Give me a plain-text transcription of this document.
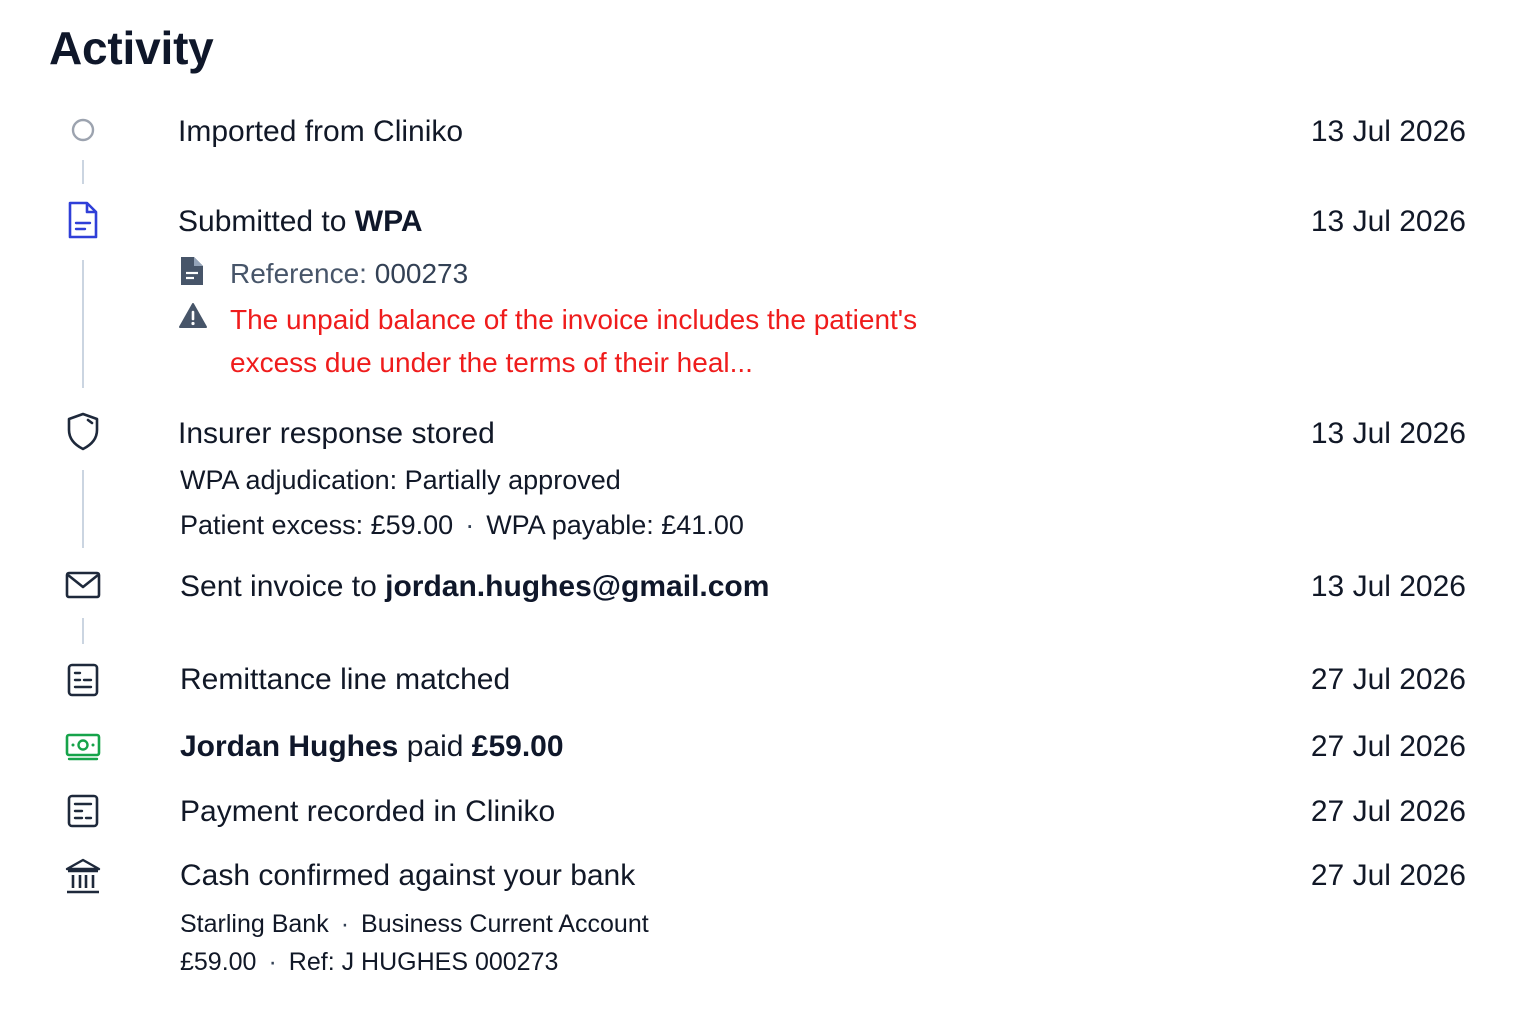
Activity
Imported from Cliniko	13 Jul 2026
Submitted to WPA	13 Jul 2026
Reference: 000273
The unpaid balance of the invoice includes the patient's excess due under the terms of their heal...
Insurer response stored	13 Jul 2026
WPA adjudication: Partially approved
Patient excess: £59.00 · WPA payable: £41.00
Sent invoice to jordan.hughes@gmail.com	13 Jul 2026
Remittance line matched	27 Jul 2026
Jordan Hughes paid £59.00	27 Jul 2026
Payment recorded in Cliniko	27 Jul 2026
Cash confirmed against your bank	27 Jul 2026
Starling Bank · Business Current Account
£59.00 · Ref: J HUGHES 000273
